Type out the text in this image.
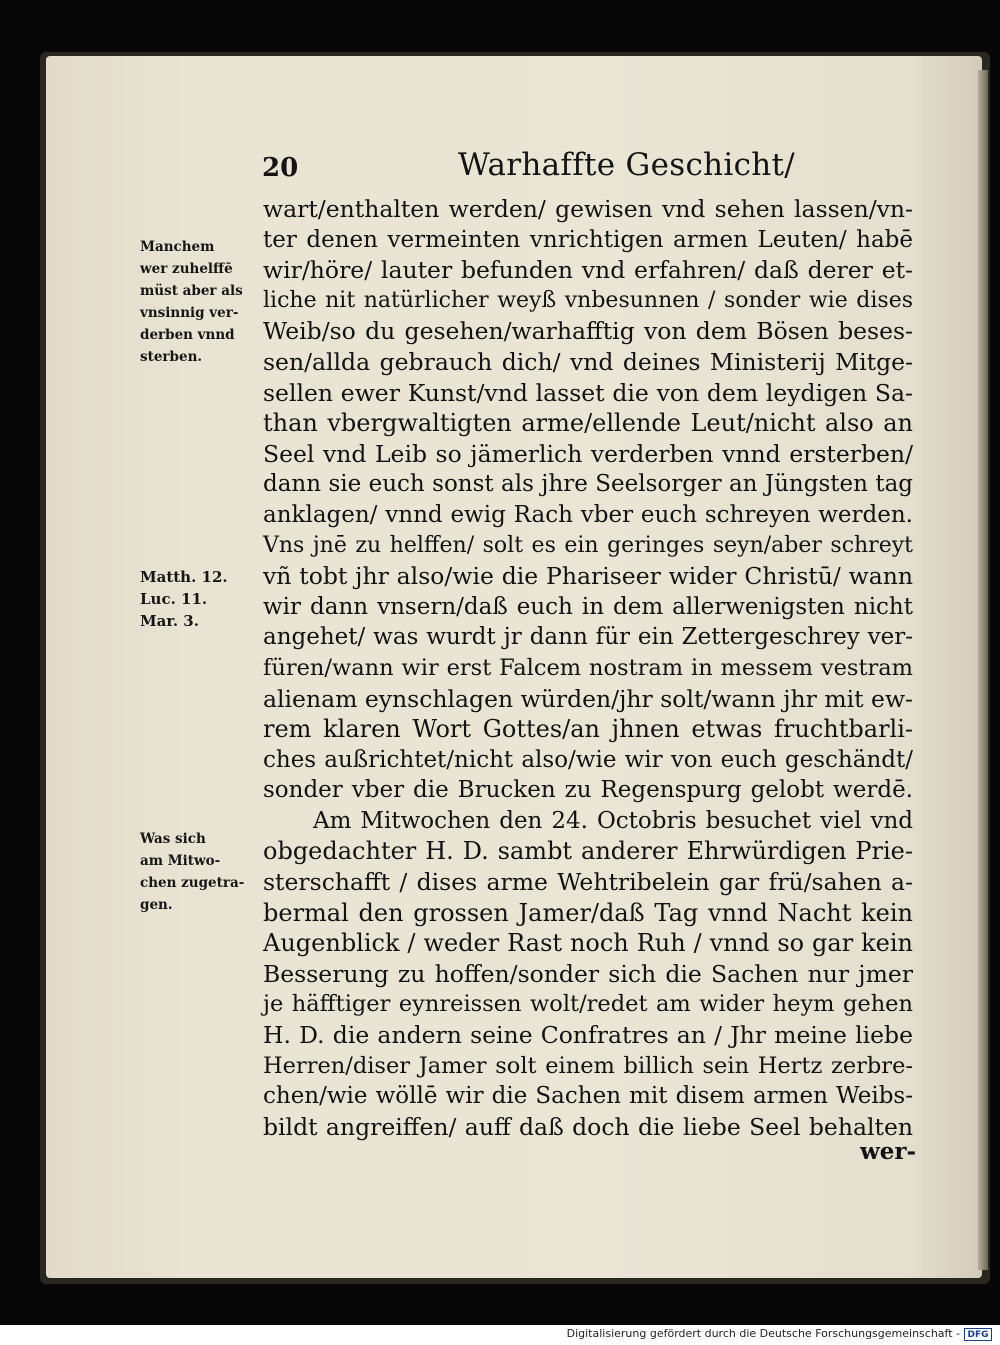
20	Warhaffte Geschicht/
Manchem
wer zuhelffē
müst aber als
vnsinnig ver-
derben vnnd
sterben.
Matth. 12.
Luc. 11.
Mar. 3.
Was sich
am Mitwo-
chen zugetra-
gen.
wart/enthalten werden/ gewisen vnd sehen lassen/vn-
ter denen vermeinten vnrichtigen armen Leuten/ habē
wir/höre/ lauter befunden vnd erfahren/ daß derer et-
liche nit natürlicher weyß vnbesunnen / sonder wie dises
Weib/so du gesehen/warhafftig von dem Bösen beses-
sen/allda gebrauch dich/ vnd deines Ministerij Mitge-
sellen ewer Kunst/vnd lasset die von dem leydigen Sa-
than vbergwaltigten arme/ellende Leut/nicht also an
Seel vnd Leib so jämerlich verderben vnnd ersterben/
dann sie euch sonst als jhre Seelsorger an Jüngsten tag
anklagen/ vnnd ewig Rach vber euch schreyen werden.
Vns jnē zu helffen/ solt es ein geringes seyn/aber schreyt
vñ tobt jhr also/wie die Phariseer wider Christū/ wann
wir dann vnsern/daß euch in dem allerwenigsten nicht
angehet/ was wurdt jr dann für ein Zettergeschrey ver-
füren/wann wir erst Falcem nostram in messem vestram
alienam eynschlagen würden/jhr solt/wann jhr mit ew-
rem klaren Wort Gottes/an jhnen etwas fruchtbarli-
ches außrichtet/nicht also/wie wir von euch geschändt/
sonder vber die Brucken zu Regenspurg gelobt werdē.
Am Mitwochen den 24. Octobris besuchet viel vnd
obgedachter H. D. sambt anderer Ehrwürdigen Prie-
sterschafft / dises arme Wehtribelein gar frü/sahen a-
bermal den grossen Jamer/daß Tag vnnd Nacht kein
Augenblick / weder Rast noch Ruh / vnnd so gar kein
Besserung zu hoffen/sonder sich die Sachen nur jmer
je häfftiger eynreissen wolt/redet am wider heym gehen
H. D. die andern seine Confratres an / Jhr meine liebe
Herren/diser Jamer solt einem billich sein Hertz zerbre-
chen/wie wöllē wir die Sachen mit disem armen Weibs-
bildt angreiffen/ auff daß doch die liebe Seel behalten
wer-
Digitalisierung gefördert durch die Deutsche Forschungsgemeinschaft - DFG
